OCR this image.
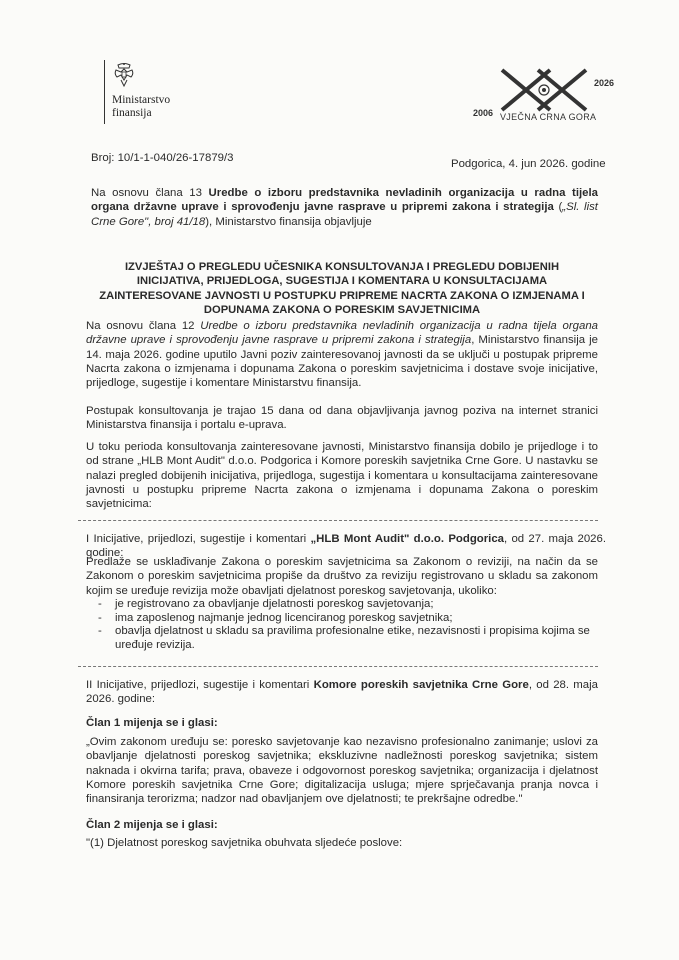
Ministarstvo
finansija	2006
2026
VJEČNA CRNA GORA
Broj: 10/1-1-040/26-17879/3	Podgorica, 4. jun 2026. godine
Na osnovu člana 13 Uredbe o izboru predstavnika nevladinih organizacija u radna tijela organa državne uprave i sprovođenju javne rasprave u pripremi zakona i strategija („Sl. list Crne Gore", broj 41/18), Ministarstvo finansija objavljuje
IZVJEŠTAJ O PREGLEDU UČESNIKA KONSULTOVANJA I PREGLEDU DOBIJENIH INICIJATIVA, PRIJEDLOGA, SUGESTIJA I KOMENTARA U KONSULTACIJAMA ZAINTERESOVANE JAVNOSTI U POSTUPKU PRIPREME NACRTA ZAKONA O IZMJENAMA I DOPUNAMA ZAKONA O PORESKIM SAVJETNICIMA
Na osnovu člana 12 Uredbe o izboru predstavnika nevladinih organizacija u radna tijela organa državne uprave i sprovođenju javne rasprave u pripremi zakona i strategija, Ministarstvo finansija je 14. maja 2026. godine uputilo Javni poziv zainteresovanoj javnosti da se uključi u postupak pripreme Nacrta zakona o izmjenama i dopunama Zakona o poreskim savjetnicima i dostave svoje inicijative, prijedloge, sugestije i komentare Ministarstvu finansija.
Postupak konsultovanja je trajao 15 dana od dana objavljivanja javnog poziva na internet stranici Ministarstva finansija i portalu e-uprava.
U toku perioda konsultovanja zainteresovane javnosti, Ministarstvo finansija dobilo je prijedloge i to od strane „HLB Mont Audit" d.o.o. Podgorica i Komore poreskih savjetnika Crne Gore. U nastavku se nalazi pregled dobijenih inicijativa, prijedloga, sugestija i komentara u konsultacijama zainteresovane javnosti u postupku pripreme Nacrta zakona o izmjenama i dopunama Zakona o poreskim savjetnicima:
I Inicijative, prijedlozi, sugestije i komentari „HLB Mont Audit" d.o.o. Podgorica, od 27. maja 2026. godine:
Predlaže se usklađivanje Zakona o poreskim savjetnicima sa Zakonom o reviziji, na način da se Zakonom o poreskim savjetnicima propiše da društvo za reviziju registrovano u skladu sa zakonom kojim se uređuje revizija može obavljati djelatnost poreskog savjetovanja, ukoliko:
- je registrovano za obavljanje djelatnosti poreskog savjetovanja;
- ima zaposlenog najmanje jednog licenciranog poreskog savjetnika;
- obavlja djelatnost u skladu sa pravilima profesionalne etike, nezavisnosti i propisima kojima se uređuje revizija.
II Inicijative, prijedlozi, sugestije i komentari Komore poreskih savjetnika Crne Gore, od 28. maja 2026. godine:
Član 1 mijenja se i glasi:
„Ovim zakonom uređuju se: poresko savjetovanje kao nezavisno profesionalno zanimanje; uslovi za obavljanje djelatnosti poreskog savjetnika; ekskluzivne nadležnosti poreskog savjetnika; sistem naknada i okvirna tarifa; prava, obaveze i odgovornost poreskog savjetnika; organizacija i djelatnost Komore poreskih savjetnika Crne Gore; digitalizacija usluga; mjere sprječavanja pranja novca i finansiranja terorizma; nadzor nad obavljanjem ove djelatnosti; te prekršajne odredbe."
Član 2 mijenja se i glasi:
"(1) Djelatnost poreskog savjetnika obuhvata sljedeće poslove:
